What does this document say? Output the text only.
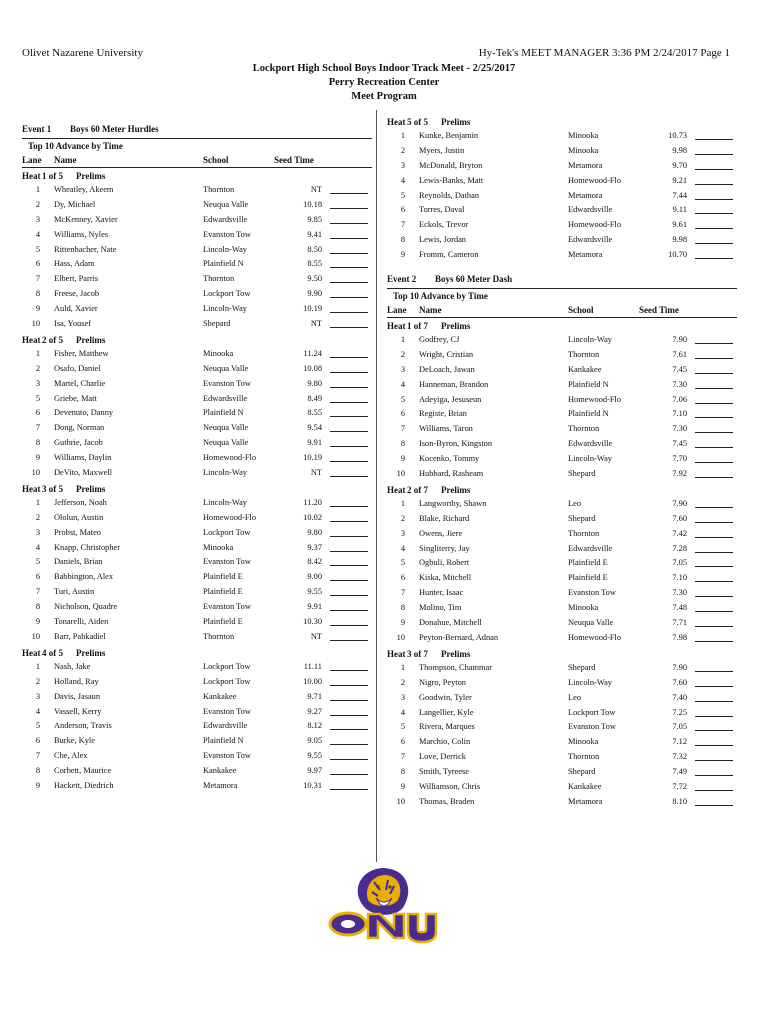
Olivet Nazarene University	Hy-Tek's MEET MANAGER 3:36 PM 2/24/2017 Page 1
Lockport High School Boys Indoor Track Meet - 2/25/2017
Perry Recreation Center
Meet Program
Event 1 Boys 60 Meter Hurdles
Top 10 Advance by Time
Lane Name	School	Seed Time
Heat 1 of 5 Prelims
1 Wheatley, Akeem	Thornton	NT
2 Dy, Michael	Neuqua Valle	10.18
3 McKenney, Xavier	Edwardsville	9.85
4 Williams, Nyles	Evanston Tow	9.41
5 Rittenbacher, Nate	Lincoln-Way	8.50
6 Hass, Adam	Plainfield N	8.55
7 Elbert, Parris	Thornton	9.50
8 Freese, Jacob	Lockport Tow	9.90
9 Auld, Xavier	Lincoln-Way	10.19
10 Isa, Yousef	Shepard	NT
Heat 2 of 5 Prelims
1 Fisher, Matthew	Minooka	11.24
2 Osafo, Daniel	Neuqua Valle	10.08
3 Martel, Charlie	Evanston Tow	9.80
5 Griebe, Matt	Edwardsville	8.49
6 Devenuto, Danny	Plainfield N	8.55
7 Dong, Norman	Neuqua Valle	9.54
8 Guthrie, Jacob	Neuqua Valle	9.91
9 Williams, Daylin	Homewood-Flo	10.19
10 DeVito, Maxwell	Lincoln-Way	NT
Heat 3 of 5 Prelims
1 Jefferson, Noah	Lincoln-Way	11.20
2 Ololun, Austin	Homewood-Flo	10.02
3 Probst, Mateo	Lockport Tow	9.80
4 Knapp, Christopher	Minooka	9.37
5 Daniels, Brian	Evanston Tow	8.42
6 Babbington, Alex	Plainfield E	9.00
7 Turi, Austin	Plainfield E	9.55
8 Nicholson, Quadre	Evanston Tow	9.91
9 Tonarelli, Aiden	Plainfield E	10.30
10 Barr, Pahkadiel	Thornton	NT
Heat 4 of 5 Prelims
1 Nash, Jake	Lockport Tow	11.11
2 Holland, Ray	Lockport Tow	10.00
3 Davis, Jasaun	Kankakee	9.71
4 Vassell, Kerry	Evanston Tow	9.27
5 Anderson, Travis	Edwardsville	8.12
6 Burke, Kyle	Plainfield N	9.05
7 Che, Alex	Evanston Tow	9.55
8 Corbett, Maurice	Kankakee	9.97
9 Hackett, Diedrich	Metamora	10.31
Heat 5 of 5 Prelims
1 Kunke, Benjamin	Minooka	10.73
2 Myers, Justin	Minooka	9.98
3 McDonald, Bryton	Metamora	9.70
4 Lewis-Banks, Matt	Homewood-Flo	9.21
5 Reynolds, Dathan	Metamora	7.44
6 Torres, Daval	Edwardsville	9.11
7 Eckols, Trevor	Homewood-Flo	9.61
8 Lewis, Jordan	Edwardsville	9.98
9 Fromm, Cameron	Metamora	10.70
Event 2 Boys 60 Meter Dash
Top 10 Advance by Time
Lane Name	School	Seed Time
Heat 1 of 7 Prelims
1 Godfrey, CJ	Lincoln-Way	7.90
2 Wright, Cristian	Thornton	7.61
3 DeLoach, Jawan	Kankakee	7.45
4 Hanneman, Brandon	Plainfield N	7.30
5 Adeyiga, Jesuseun	Homewood-Flo	7.06
6 Registe, Brian	Plainfield N	7.10
7 Williams, Taron	Thornton	7.30
8 Ison-Byron, Kingston	Edwardsville	7.45
9 Kocenko, Tommy	Lincoln-Way	7.70
10 Hubbard, Rasheam	Shepard	7.92
Heat 2 of 7 Prelims
1 Langworthy, Shawn	Leo	7.90
2 Blake, Richard	Shepard	7.60
3 Owens, Jiere	Thornton	7.42
4 Singliterry, Jay	Edwardsville	7.28
5 Ogbuli, Robert	Plainfield E	7.05
6 Kiska, Mitchell	Plainfield E	7.10
7 Hunter, Isaac	Evanston Tow	7.30
8 Molino, Tim	Minooka	7.48
9 Donahue, Mitchell	Neuqua Valle	7.71
10 Peyton-Bernard, Adnan	Homewood-Flo	7.98
Heat 3 of 7 Prelims
1 Thompson, Chammar	Shepard	7.90
2 Nigro, Peyton	Lincoln-Way	7.60
3 Goodwin, Tyler	Leo	7.40
4 Langellier, Kyle	Lockport Tow	7.25
5 Rivera, Marques	Evanston Tow	7.05
6 Marchio, Colin	Minooka	7.12
7 Love, Derrick	Thornton	7.32
8 Smith, Tyreese	Shepard	7.49
9 Williamson, Chris	Kankakee	7.72
10 Thomas, Braden	Metamora	8.10
ONU
